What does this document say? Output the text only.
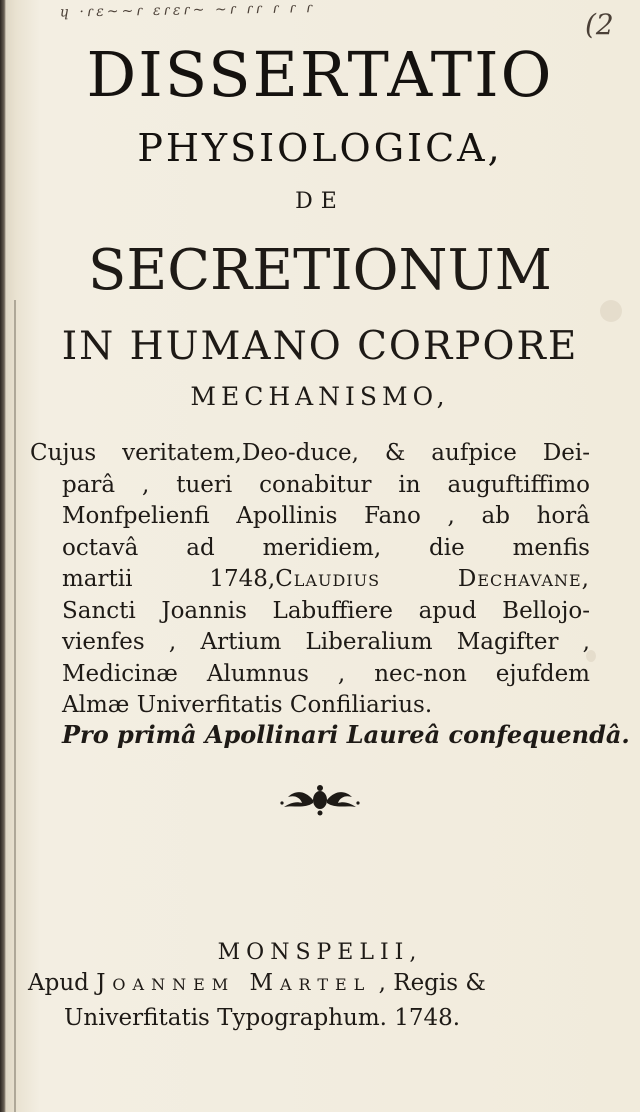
ɥ ·ɾɛ~~ɾ ɛɾɛɾ~ ~ɾ ɾɾ ɾ ɾ ɾ	(2
DISSERTATIO
PHYSIOLOGICA,
DE
SECRETIONUM
IN HUMANO CORPORE
MECHANISMO,
Cujus veritatem,Deo-duce, & aufpice Dei-
parâ , tueri conabitur in auguftiffimo
Monfpelienfi Apollinis Fano , ab horâ
octavâ ad meridiem, die menfis
martii 1748,Claudius Dechavane,
Sancti Joannis Labuffiere apud Bellojo-
vienfes , Artium Liberalium Magifter ,
Medicinæ Alumnus , nec-non ejufdem
Almæ Univerfitatis Confiliarius.
Pro primâ Apollinari Laureâ confequendâ.
MONSPELII,
Apud Joannem Martel , Regis &
Univerfitatis Typographum. 1748.
